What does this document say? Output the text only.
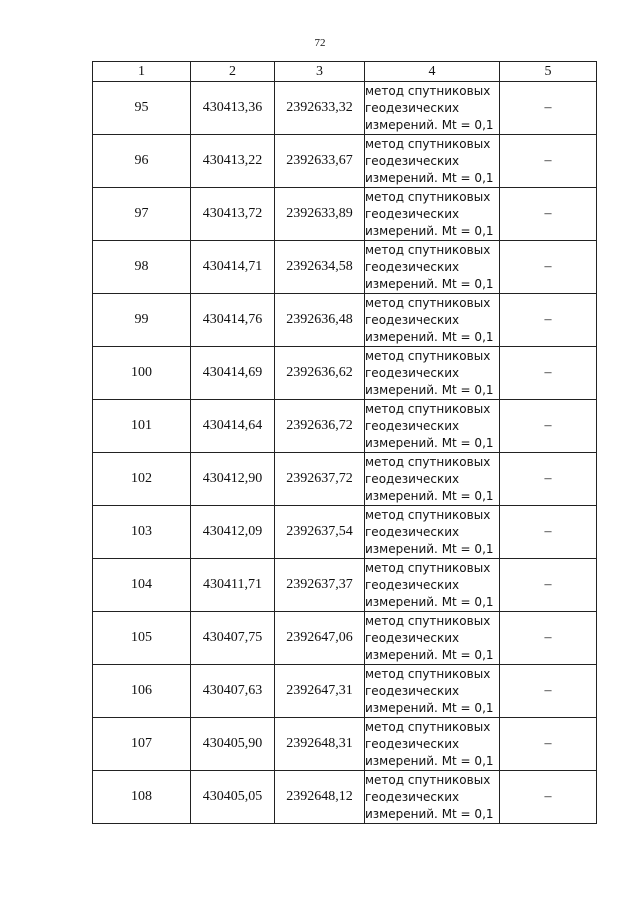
72
1	2	3	4	5
95	430413,36	2392633,32	метод спутниковых
геодезических
измерений. Mt = 0,1	–
96	430413,22	2392633,67	метод спутниковых
геодезических
измерений. Mt = 0,1	–
97	430413,72	2392633,89	метод спутниковых
геодезических
измерений. Mt = 0,1	–
98	430414,71	2392634,58	метод спутниковых
геодезических
измерений. Mt = 0,1	–
99	430414,76	2392636,48	метод спутниковых
геодезических
измерений. Mt = 0,1	–
100	430414,69	2392636,62	метод спутниковых
геодезических
измерений. Mt = 0,1	–
101	430414,64	2392636,72	метод спутниковых
геодезических
измерений. Mt = 0,1	–
102	430412,90	2392637,72	метод спутниковых
геодезических
измерений. Mt = 0,1	–
103	430412,09	2392637,54	метод спутниковых
геодезических
измерений. Mt = 0,1	–
104	430411,71	2392637,37	метод спутниковых
геодезических
измерений. Mt = 0,1	–
105	430407,75	2392647,06	метод спутниковых
геодезических
измерений. Mt = 0,1	–
106	430407,63	2392647,31	метод спутниковых
геодезических
измерений. Mt = 0,1	–
107	430405,90	2392648,31	метод спутниковых
геодезических
измерений. Mt = 0,1	–
108	430405,05	2392648,12	метод спутниковых
геодезических
измерений. Mt = 0,1	–
